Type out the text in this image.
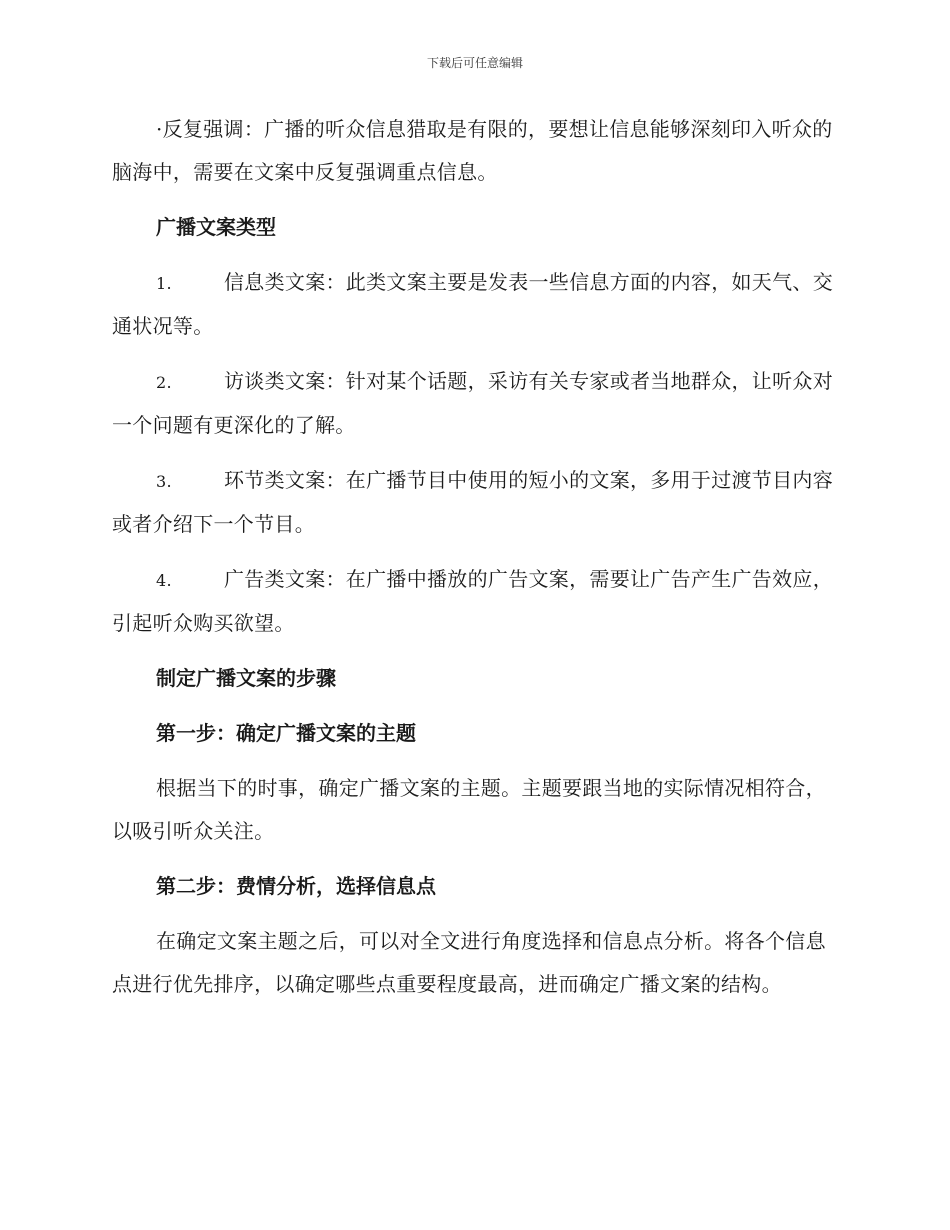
下载后可任意编辑

·反复强调：广播的听众信息猎取是有限的，要想让信息能够深刻印入听众的脑海中，需要在文案中反复强调重点信息。

广播文案类型

1.	信息类文案：此类文案主要是发表一些信息方面的内容，如天气、交通状况等。

2.	访谈类文案：针对某个话题，采访有关专家或者当地群众，让听众对一个问题有更深化的了解。

3.	环节类文案：在广播节目中使用的短小的文案，多用于过渡节目内容或者介绍下一个节目。

4.	广告类文案：在广播中播放的广告文案，需要让广告产生广告效应，引起听众购买欲望。

制定广播文案的步骤
第一步：确定广播文案的主题

根据当下的时事，确定广播文案的主题。主题要跟当地的实际情况相符合，以吸引听众关注。

第二步：费情分析，选择信息点

在确定文案主题之后，可以对全文进行角度选择和信息点分析。将各个信息点进行优先排序，以确定哪些点重要程度最高，进而确定广播文案的结构。
